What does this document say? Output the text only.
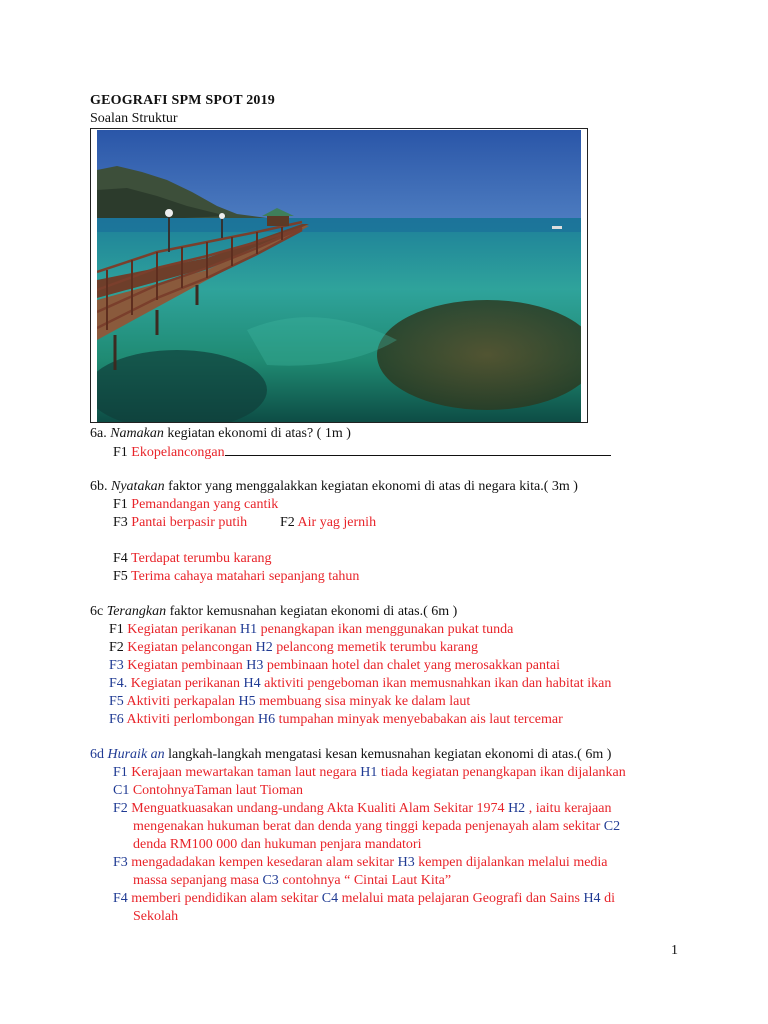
GEOGRAFI SPM SPOT 2019
Soalan Struktur
6a. Namakan kegiatan ekonomi di atas? ( 1m )
F1 Ekopelancongan
6b. Nyatakan faktor yang menggalakkan kegiatan ekonomi di atas di negara kita.( 3m )
F1 Pemandangan yang cantik
F3 Pantai berpasir putih F2 Air yag jernih
F4 Terdapat terumbu karang
F5 Terima cahaya matahari sepanjang tahun
6c Terangkan faktor kemusnahan kegiatan ekonomi di atas.( 6m )
F1 Kegiatan perikanan H1 penangkapan ikan menggunakan pukat tunda
F2 Kegiatan pelancongan H2 pelancong memetik terumbu karang
F3 Kegiatan pembinaan H3 pembinaan hotel dan chalet yang merosakkan pantai
F4. Kegiatan perikanan H4 aktiviti pengeboman ikan memusnahkan ikan dan habitat ikan
F5 Aktiviti perkapalan H5 membuang sisa minyak ke dalam laut
F6 Aktiviti perlombongan H6 tumpahan minyak menyebabakan ais laut tercemar
6d Huraik an langkah-langkah mengatasi kesan kemusnahan kegiatan ekonomi di atas.( 6m )
F1 Kerajaan mewartakan taman laut negara H1 tiada kegiatan penangkapan ikan dijalankan
C1 ContohnyaTaman laut Tioman
F2 Menguatkuasakan undang-undang Akta Kualiti Alam Sekitar 1974 H2 , iaitu kerajaan
mengenakan hukuman berat dan denda yang tinggi kepada penjenayah alam sekitar C2
denda RM100 000 dan hukuman penjara mandatori
F3 mengadadakan kempen kesedaran alam sekitar H3 kempen dijalankan melalui media
massa sepanjang masa C3 contohnya “ Cintai Laut Kita”
F4 memberi pendidikan alam sekitar C4 melalui mata pelajaran Geografi dan Sains H4 di
Sekolah
1
